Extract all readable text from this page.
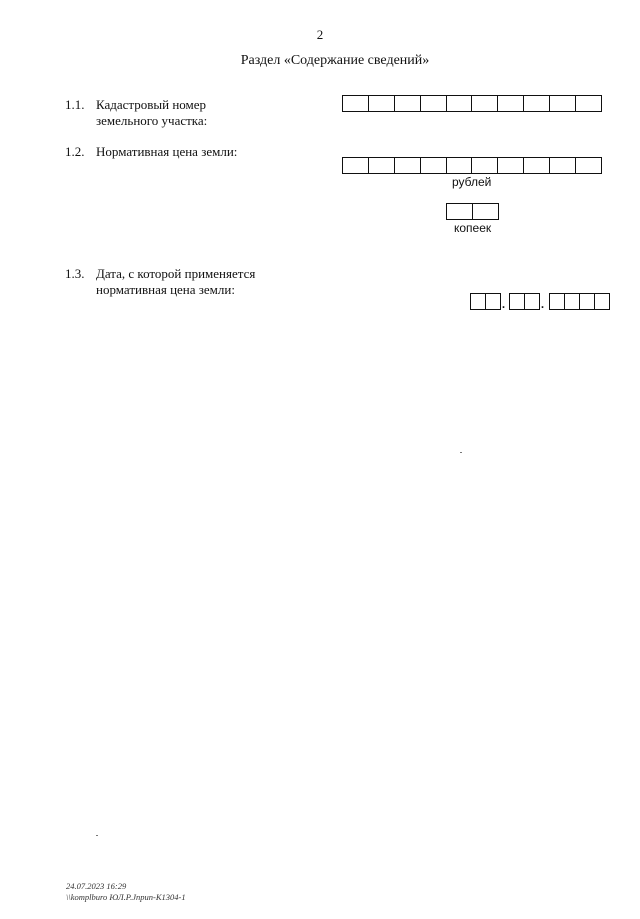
2
Раздел «Содержание сведений»
1.1. Кадастровый номер
земельного участка:
1.2. Нормативная цена земли:
рублей
копеек
1.3. Дата, с которой применяется
нормативная цена земли:
.	.
24.07.2023 16:29
\\komplburo ЮЛ.Р.Jnpun-K1304-1
